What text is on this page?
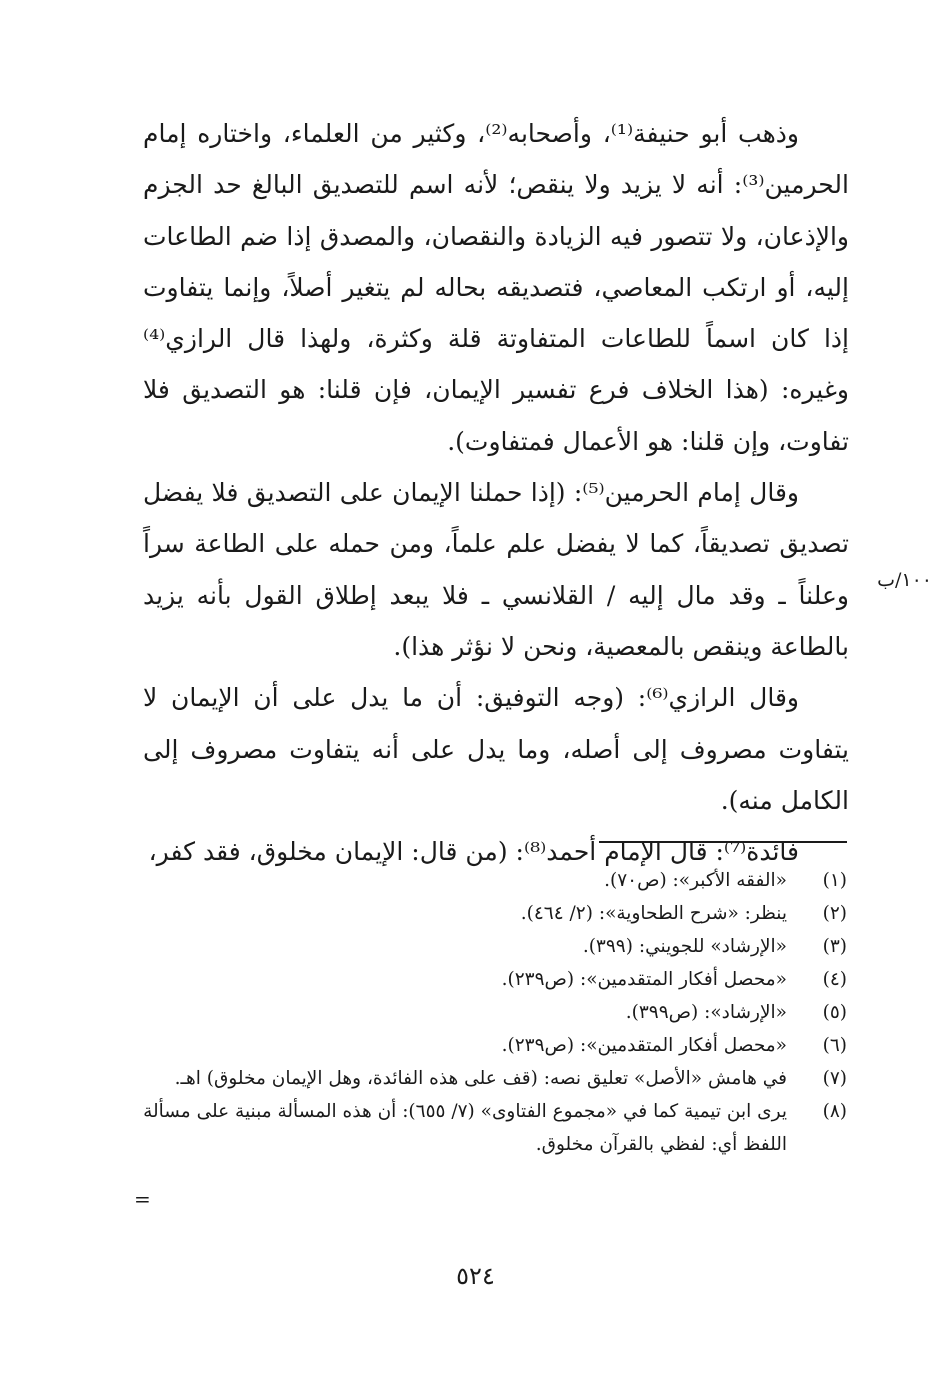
وذهب أبو حنيفة⁽¹⁾، وأصحابه⁽²⁾، وكثير من العلماء، واختاره إمام الحرمين⁽³⁾: أنه لا يزيد ولا ينقص؛ لأنه اسم للتصديق البالغ حد الجزم والإذعان، ولا تتصور فيه الزيادة والنقصان، والمصدق إذا ضم الطاعات إليه، أو ارتكب المعاصي، فتصديقه بحاله لم يتغير أصلاً، وإنما يتفاوت إذا كان اسماً للطاعات المتفاوتة قلة وكثرة، ولهذا قال الرازي⁽⁴⁾ وغيره: (هذا الخلاف فرع تفسير الإيمان، فإن قلنا: هو التصديق فلا تفاوت، وإن قلنا: هو الأعمال فمتفاوت).

وقال إمام الحرمين⁽⁵⁾: (إذا حملنا الإيمان على التصديق فلا يفضل تصديق تصديقاً، كما لا يفضل علم علماً، ومن حمله على الطاعة سراً وعلناً ـ وقد مال إليه / القلانسي ـ فلا يبعد إطلاق القول بأنه يزيد بالطاعة وينقص بالمعصية، ونحن لا نؤثر هذا).

وقال الرازي⁽⁶⁾: (وجه التوفيق: أن ما يدل على أن الإيمان لا يتفاوت مصروف إلى أصله، وما يدل على أنه يتفاوت مصروف إلى الكامل منه).

فائدة⁽⁷⁾: قال الإمام أحمد⁽⁸⁾: (من قال: الإيمان مخلوق، فقد كفر،

١٠٠/ب
(١)
«الفقه الأكبر»: (ص٧٠).
(٢)
ينظر: «شرح الطحاوية»: (٢/ ٤٦٤).
(٣)
«الإرشاد» للجويني: (٣٩٩).
(٤)
«محصل أفكار المتقدمين»: (ص٢٣٩).
(٥)
«الإرشاد»: (ص٣٩٩).
(٦)
«محصل أفكار المتقدمين»: (ص٢٣٩).
(٧)
في هامش «الأصل» تعليق نصه: (قف على هذه الفائدة، وهل الإيمان مخلوق) اهـ.
(٨)
يرى ابن تيمية كما في «مجموع الفتاوى» (٧/ ٦٥٥): أن هذه المسألة مبنية على مسألة اللفظ أي: لفظي بالقرآن مخلوق.
=
٥٢٤
